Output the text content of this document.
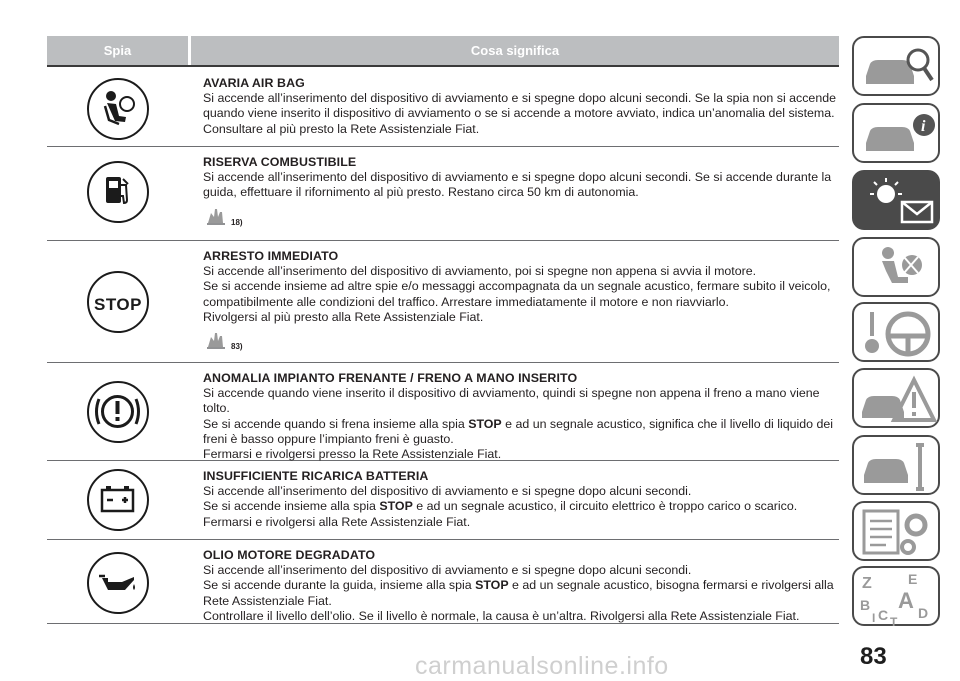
Spia	Cosa significa
AVARIA AIR BAG

Si accende all’inserimento del dispositivo di avviamento e si spegne dopo alcuni secondi. Se la spia non si accende quando viene inserito il dispositivo di avviamento o se si accende a motore avviato, indica un’anomalia del sistema. Consultare al più presto la Rete Assistenziale Fiat.

RISERVA COMBUSTIBILE

Si accende all’inserimento del dispositivo di avviamento e si spegne dopo alcuni secondi. Se si accende durante la guida, effettuare il rifornimento al più presto. Restano circa 50 km di autonomia.

18)
STOP
ARRESTO IMMEDIATO

Si accende all’inserimento del dispositivo di avviamento, poi si spegne non appena si avvia il motore.

Se si accende insieme ad altre spie e/o messaggi accompagnata da un segnale acustico, fermare subito il veicolo, compatibilmente alle condizioni del traffico. Arrestare immediatamente il motore e non riavviarlo.

Rivolgersi al più presto alla Rete Assistenziale Fiat.

83)
ANOMALIA IMPIANTO FRENANTE / FRENO A MANO INSERITO

Si accende quando viene inserito il dispositivo di avviamento, quindi si spegne non appena il freno a mano viene tolto.

Se si accende quando si frena insieme alla spia STOP e ad un segnale acustico, significa che il livello di liquido dei freni è basso oppure l’impianto freni è guasto.

Fermarsi e rivolgersi presso la Rete Assistenziale Fiat.

INSUFFICIENTE RICARICA BATTERIA

Si accende all’inserimento del dispositivo di avviamento e si spegne dopo alcuni secondi.

Se si accende insieme alla spia STOP e ad un segnale acustico, il circuito elettrico è troppo carico o scarico.

Fermarsi e rivolgersi alla Rete Assistenziale Fiat.

OLIO MOTORE DEGRADATO

Si accende all’inserimento del dispositivo di avviamento e si spegne dopo alcuni secondi.

Se si accende durante la guida, insieme alla spia STOP e ad un segnale acustico, bisogna fermarsi e rivolgersi alla Rete Assistenziale Fiat.

Controllare il livello dell’olio. Se il livello è normale, la causa è un’altra. Rivolgersi alla Rete Assistenziale Fiat.

i
Z	E
B A
C D
I T
83
carmanualsonline.info
